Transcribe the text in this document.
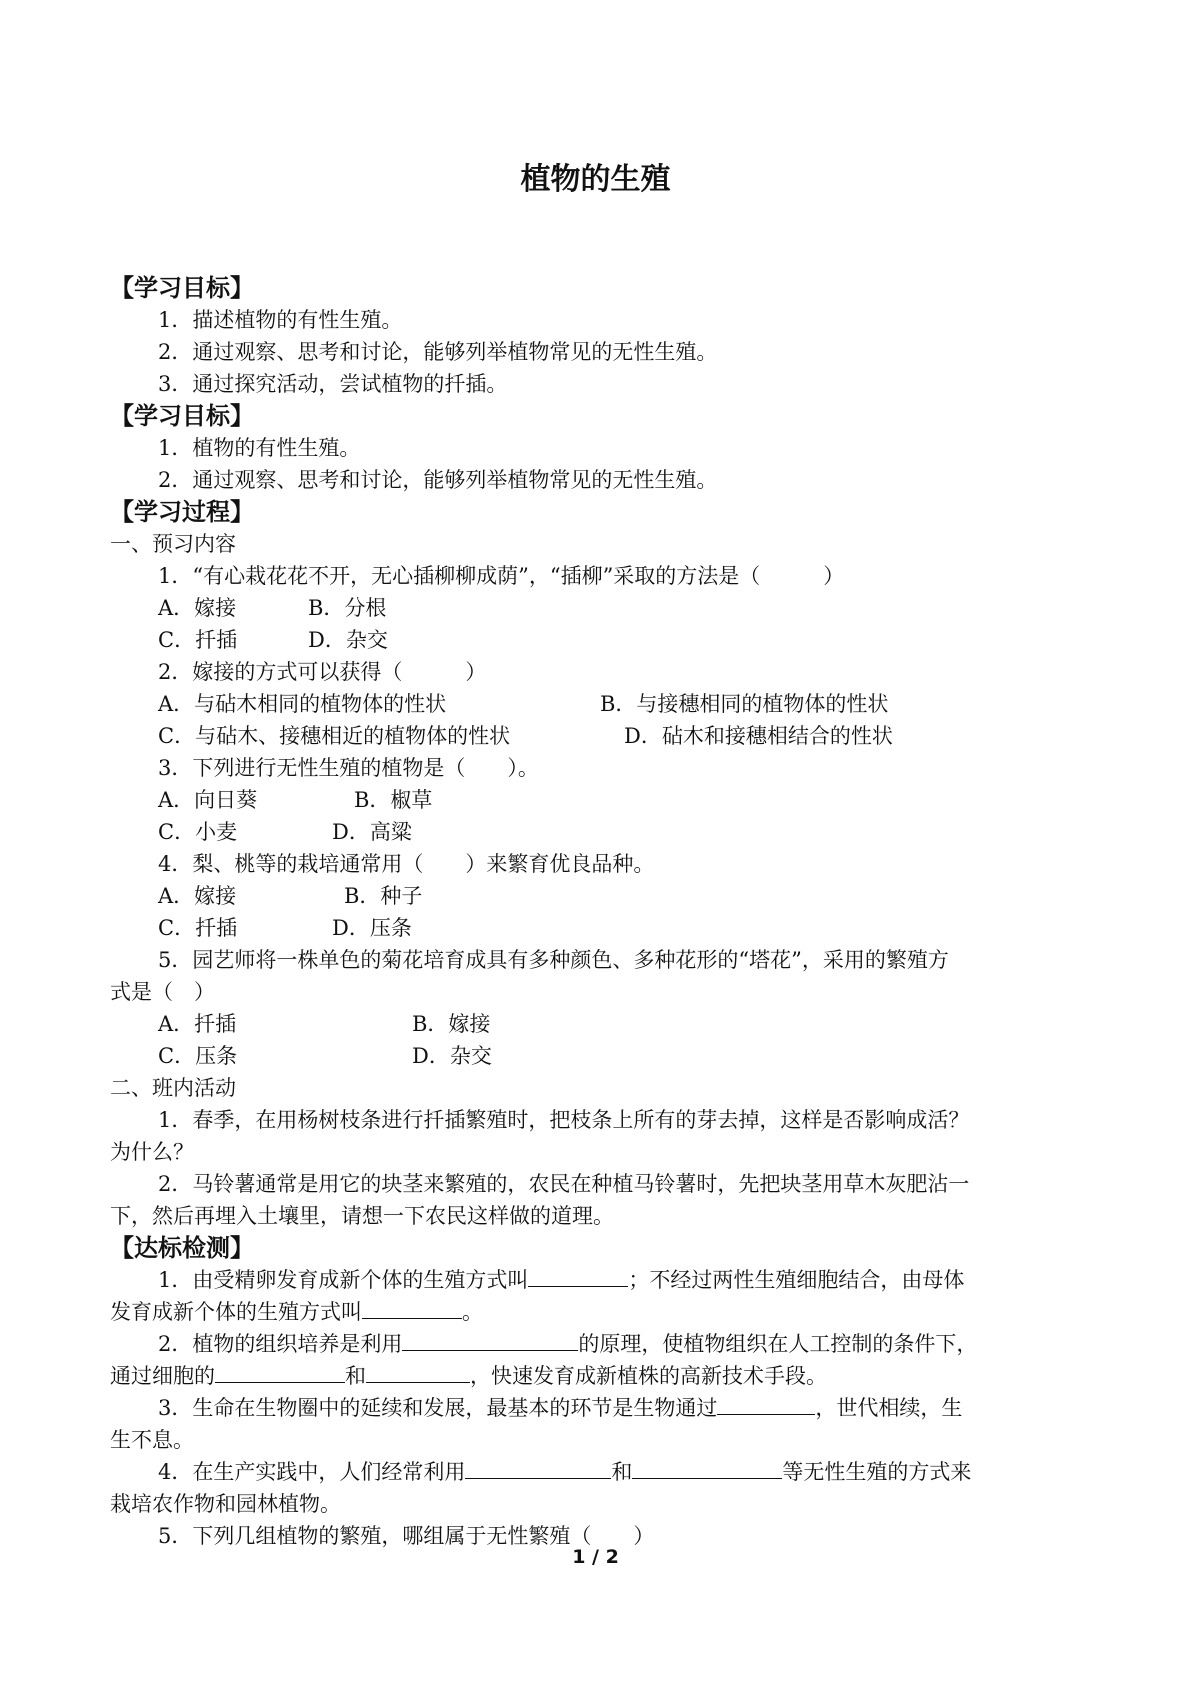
植物的生殖
【学习目标】
1．描述植物的有性生殖。
2．通过观察、思考和讨论，能够列举植物常见的无性生殖。
3．通过探究活动，尝试植物的扦插。
【学习目标】
1．植物的有性生殖。
2．通过观察、思考和讨论，能够列举植物常见的无性生殖。
【学习过程】
一、预习内容
1．“有心栽花花不开，无心插柳柳成荫”，“插柳”采取的方法是（　　　）
A．嫁接	B．分根
C．扦插	D．杂交
2．嫁接的方式可以获得（　　　）
A．与砧木相同的植物体的性状	B．与接穗相同的植物体的性状
C．与砧木、接穗相近的植物体的性状	D．砧木和接穗相结合的性状
3．下列进行无性生殖的植物是（　　）。
A．向日葵	B．椒草
C．小麦	D．高粱
4．梨、桃等的栽培通常用（　　）来繁育优良品种。
A．嫁接	B．种子
C．扦插	D．压条
5．园艺师将一株单色的菊花培育成具有多种颜色、多种花形的“塔花”，采用的繁殖方
式是（　）
A．扦插	B．嫁接
C．压条	D．杂交
二、班内活动
1．春季，在用杨树枝条进行扦插繁殖时，把枝条上所有的芽去掉，这样是否影响成活？
为什么？
2．马铃薯通常是用它的块茎来繁殖的，农民在种植马铃薯时，先把块茎用草木灰肥沾一
下，然后再埋入土壤里，请想一下农民这样做的道理。
【达标检测】
1．由受精卵发育成新个体的生殖方式叫	；不经过两性生殖细胞结合，由母体
发育成新个体的生殖方式叫	。
2．植物的组织培养是利用	的原理，使植物组织在人工控制的条件下，
通过细胞的	和	，快速发育成新植株的高新技术手段。
3．生命在生物圈中的延续和发展，最基本的环节是生物通过	，世代相续，生
生不息。
4．在生产实践中，人们经常利用	和	等无性生殖的方式来
栽培农作物和园林植物。
5．下列几组植物的繁殖，哪组属于无性繁殖（　　）
1 / 2
